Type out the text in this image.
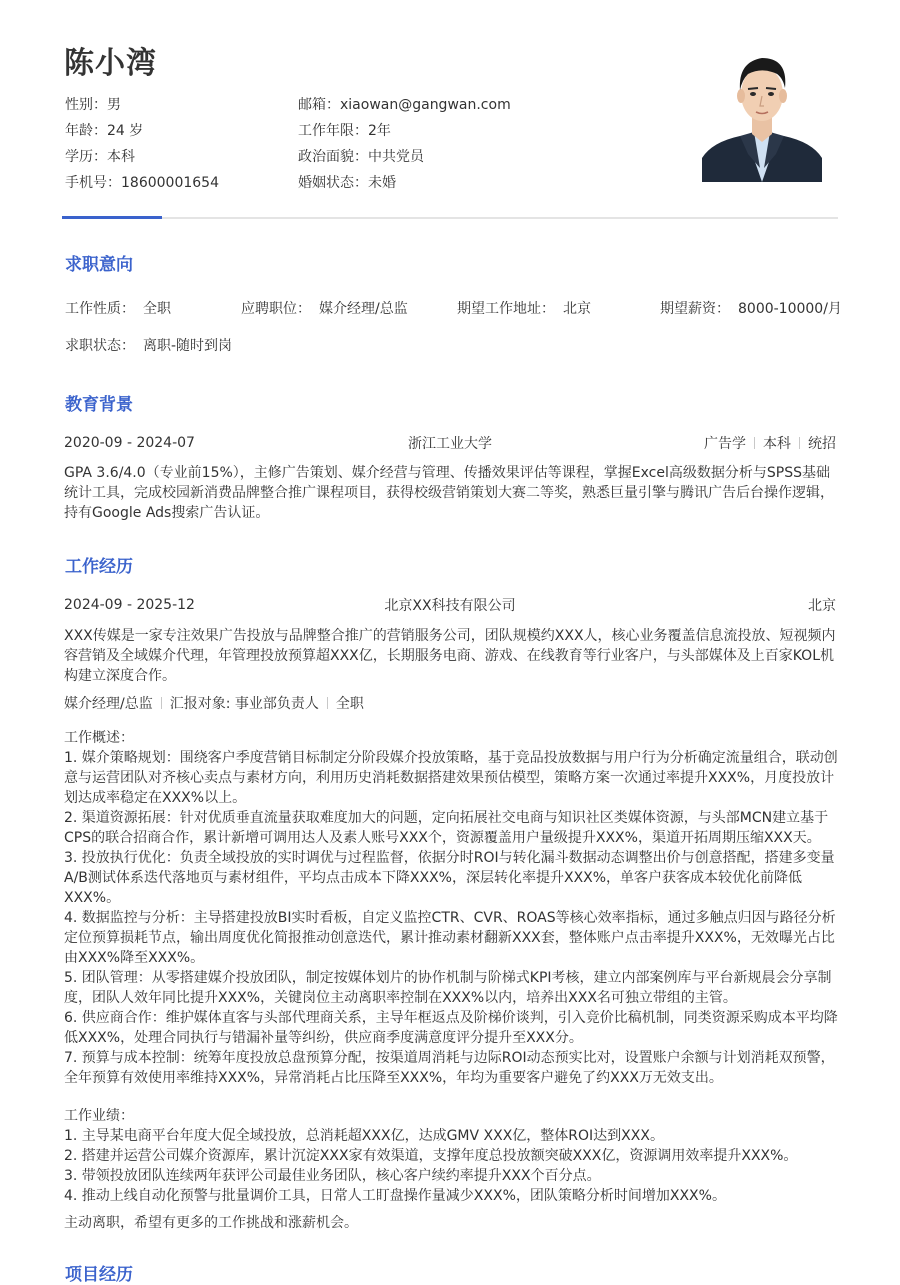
陈小湾
性别：男	邮箱：xiaowan@gangwan.com
年龄：24 岁	工作年限：2年
学历：本科	政治面貌：中共党员
手机号：18600001654	婚姻状态：未婚
求职意向
工作性质： 全职	应聘职位： 媒介经理/总监	期望工作地址： 北京	期望薪资： 8000-10000/月
求职状态： 离职-随时到岗
教育背景
2020-09 - 2024-07	浙江工业大学	广告学 本科 统招
GPA 3.6/4.0（专业前15%），主修广告策划、媒介经营与管理、传播效果评估等课程，掌握Excel高级数据分析与SPSS基础
统计工具，完成校园新消费品牌整合推广课程项目，获得校级营销策划大赛二等奖，熟悉巨量引擎与腾讯广告后台操作逻辑，
持有Google Ads搜索广告认证。
工作经历
2024-09 - 2025-12	北京XX科技有限公司	北京
XXX传媒是一家专注效果广告投放与品牌整合推广的营销服务公司，团队规模约XXX人，核心业务覆盖信息流投放、短视频内
容营销及全域媒介代理，年管理投放预算超XXX亿，长期服务电商、游戏、在线教育等行业客户，与头部媒体及上百家KOL机
构建立深度合作。
媒介经理/总监 汇报对象: 事业部负责人 全职
工作概述：
1. 媒介策略规划：围绕客户季度营销目标制定分阶段媒介投放策略，基于竞品投放数据与用户行为分析确定流量组合，联动创
意与运营团队对齐核心卖点与素材方向，利用历史消耗数据搭建效果预估模型，策略方案一次通过率提升XXX%，月度投放计
划达成率稳定在XXX%以上。
2. 渠道资源拓展：针对优质垂直流量获取难度加大的问题，定向拓展社交电商与知识社区类媒体资源，与头部MCN建立基于
CPS的联合招商合作，累计新增可调用达人及素人账号XXX个，资源覆盖用户量级提升XXX%，渠道开拓周期压缩XXX天。
3. 投放执行优化：负责全域投放的实时调优与过程监督，依据分时ROI与转化漏斗数据动态调整出价与创意搭配，搭建多变量
A/B测试体系迭代落地页与素材组件，平均点击成本下降XXX%，深层转化率提升XXX%，单客户获客成本较优化前降低
XXX%。
4. 数据监控与分析：主导搭建投放BI实时看板，自定义监控CTR、CVR、ROAS等核心效率指标，通过多触点归因与路径分析
定位预算损耗节点，输出周度优化简报推动创意迭代，累计推动素材翻新XXX套，整体账户点击率提升XXX%，无效曝光占比
由XXX%降至XXX%。
5. 团队管理：从零搭建媒介投放团队，制定按媒体划片的协作机制与阶梯式KPI考核，建立内部案例库与平台新规晨会分享制
度，团队人效年同比提升XXX%，关键岗位主动离职率控制在XXX%以内，培养出XXX名可独立带组的主管。
6. 供应商合作：维护媒体直客与头部代理商关系，主导年框返点及阶梯价谈判，引入竞价比稿机制，同类资源采购成本平均降
低XXX%，处理合同执行与错漏补量等纠纷，供应商季度满意度评分提升至XXX分。
7. 预算与成本控制：统筹年度投放总盘预算分配，按渠道周消耗与边际ROI动态预实比对，设置账户余额与计划消耗双预警，
全年预算有效使用率维持XXX%，异常消耗占比压降至XXX%，年均为重要客户避免了约XXX万无效支出。
工作业绩：
1. 主导某电商平台年度大促全域投放，总消耗超XXX亿，达成GMV XXX亿，整体ROI达到XXX。
2. 搭建并运营公司媒介资源库，累计沉淀XXX家有效渠道，支撑年度总投放额突破XXX亿，资源调用效率提升XXX%。
3. 带领投放团队连续两年获评公司最佳业务团队，核心客户续约率提升XXX个百分点。
4. 推动上线自动化预警与批量调价工具，日常人工盯盘操作量减少XXX%，团队策略分析时间增加XXX%。
主动离职，希望有更多的工作挑战和涨薪机会。
项目经历
